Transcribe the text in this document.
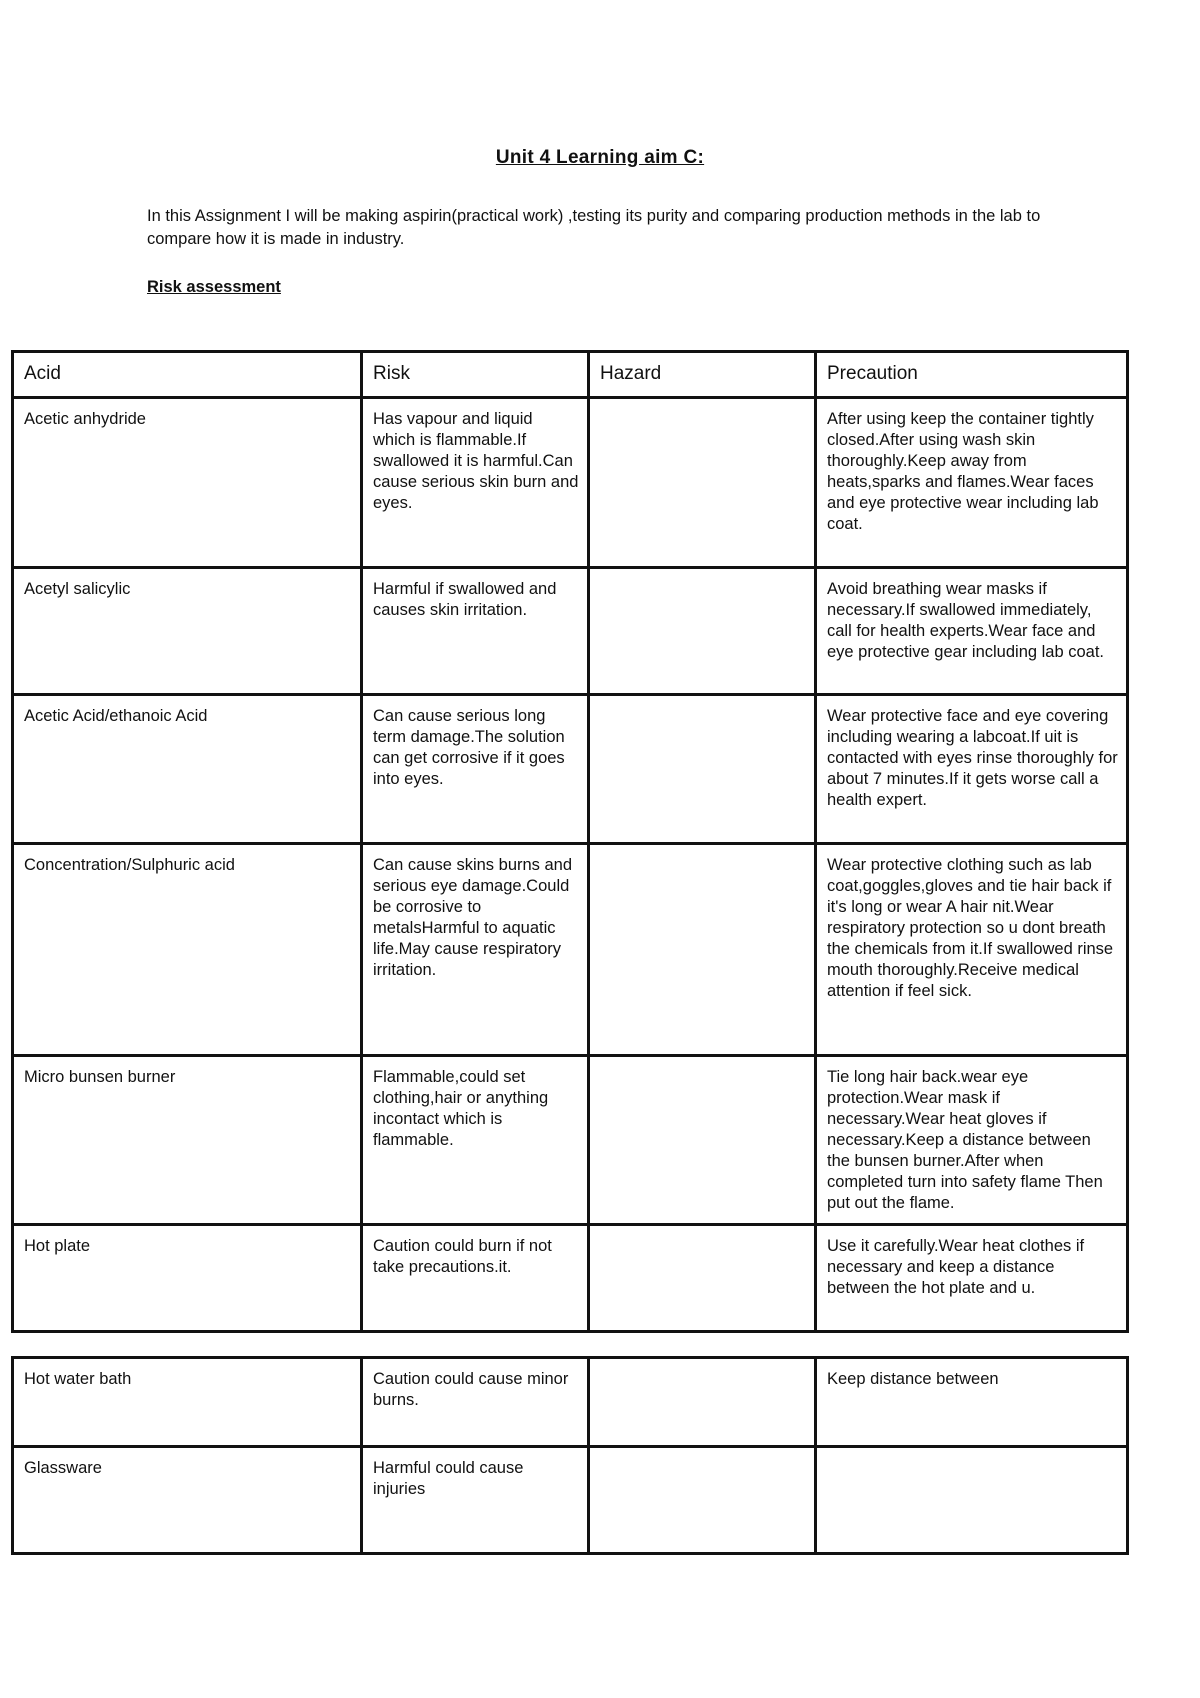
Unit 4 Learning aim C:
In this Assignment I will be making aspirin(practical work) ,testing its purity and comparing production methods in the lab to compare how it is made in industry.
Risk assessment
Acid	Risk	Hazard	Precaution
Acetic anhydride	Has vapour and liquid which is flammable.If swallowed it is harmful.Can cause serious skin burn and eyes.		After using keep the container tightly closed.After using wash skin thoroughly.Keep away from heats,sparks and flames.Wear faces and eye protective wear including lab coat.
Acetyl salicylic	Harmful if swallowed and causes skin irritation.		Avoid breathing wear masks if necessary.If swallowed immediately, call for health experts.Wear face and eye protective gear including lab coat.
Acetic Acid/ethanoic Acid	Can cause serious long term damage.The solution can get corrosive if it goes into eyes.		Wear protective face and eye covering including wearing a labcoat.If uit is contacted with eyes rinse thoroughly for about 7 minutes.If it gets worse call a health expert.
Concentration/Sulphuric acid	Can cause skins burns and serious eye damage.Could be corrosive to metalsHarmful to aquatic life.May cause respiratory irritation.		Wear protective clothing such as lab coat,goggles,gloves and tie hair back if it's long or wear A hair nit.Wear respiratory protection so u dont breath the chemicals from it.If swallowed rinse mouth thoroughly.Receive medical attention if feel sick.
Micro bunsen burner	Flammable,could set clothing,hair or anything incontact which is flammable.		Tie long hair back.wear eye protection.Wear mask if necessary.Wear heat gloves if necessary.Keep a distance between the bunsen burner.After when completed turn into safety flame Then put out the flame.
Hot plate	Caution could burn if not take precautions.it.		Use it carefully.Wear heat clothes if necessary and keep a distance between the hot plate and u.
Hot water bath	Caution could cause minor burns.		Keep distance between
Glassware	Harmful could cause injuries		
